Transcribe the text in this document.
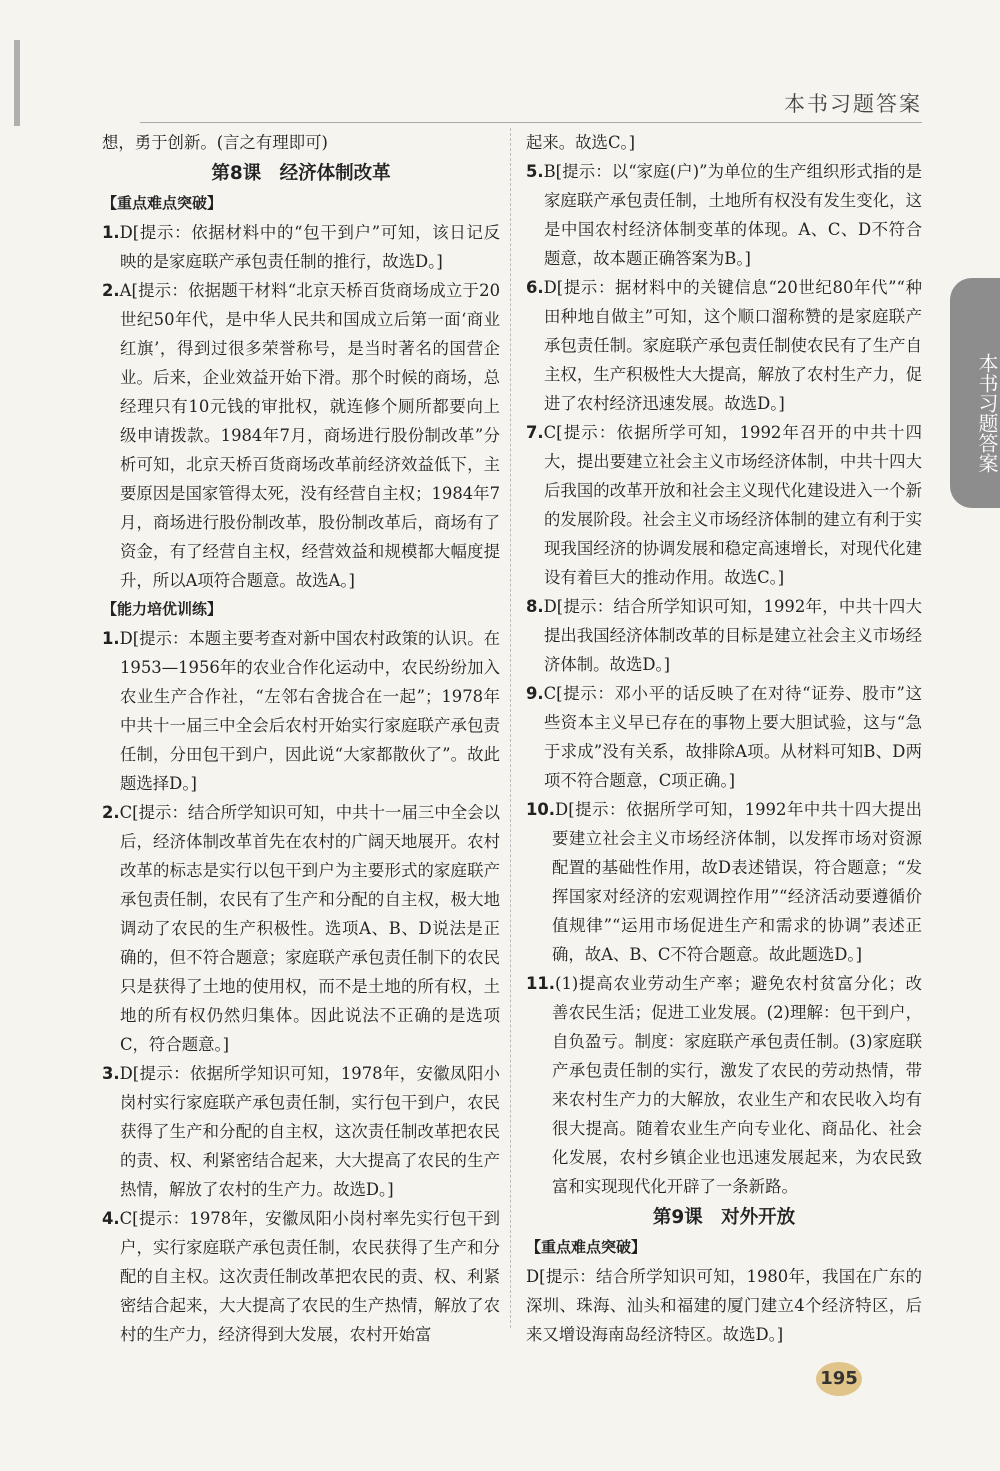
本书习题答案
本书习题答案

想，勇于创新。(言之有理即可)

第8课　经济体制改革

【重点难点突破】

1.D[提示：依据材料中的“包干到户”可知，该日记反映的是家庭联产承包责任制的推行，故选D。]

2.A[提示：依据题干材料“北京天桥百货商场成立于20世纪50年代，是中华人民共和国成立后第一面‘商业红旗’，得到过很多荣誉称号，是当时著名的国营企业。后来，企业效益开始下滑。那个时候的商场，总经理只有10元钱的审批权，就连修个厕所都要向上级申请拨款。1984年7月，商场进行股份制改革”分析可知，北京天桥百货商场改革前经济效益低下，主要原因是国家管得太死，没有经营自主权；1984年7月，商场进行股份制改革，股份制改革后，商场有了资金，有了经营自主权，经营效益和规模都大幅度提升，所以A项符合题意。故选A。]

【能力培优训练】

1.D[提示：本题主要考查对新中国农村政策的认识。在1953—1956年的农业合作化运动中，农民纷纷加入农业生产合作社，“左邻右舍拢合在一起”；1978年中共十一届三中全会后农村开始实行家庭联产承包责任制，分田包干到户，因此说“大家都散伙了”。故此题选择D。]

2.C[提示：结合所学知识可知，中共十一届三中全会以后，经济体制改革首先在农村的广阔天地展开。农村改革的标志是实行以包干到户为主要形式的家庭联产承包责任制，农民有了生产和分配的自主权，极大地调动了农民的生产积极性。选项A、B、D说法是正确的，但不符合题意；家庭联产承包责任制下的农民只是获得了土地的使用权，而不是土地的所有权，土地的所有权仍然归集体。因此说法不正确的是选项C，符合题意。]

3.D[提示：依据所学知识可知，1978年，安徽凤阳小岗村实行家庭联产承包责任制，实行包干到户，农民获得了生产和分配的自主权，这次责任制改革把农民的责、权、利紧密结合起来，大大提高了农民的生产热情，解放了农村的生产力。故选D。]

4.C[提示：1978年，安徽凤阳小岗村率先实行包干到户，实行家庭联产承包责任制，农民获得了生产和分配的自主权。这次责任制改革把农民的责、权、利紧密结合起来，大大提高了农民的生产热情，解放了农村的生产力，经济得到大发展，农村开始富

起来。故选C。]

5.B[提示：以“家庭(户)”为单位的生产组织形式指的是家庭联产承包责任制，土地所有权没有发生变化，这是中国农村经济体制变革的体现。A、C、D不符合题意，故本题正确答案为B。]

6.D[提示：据材料中的关键信息“20世纪80年代”“种田种地自做主”可知，这个顺口溜称赞的是家庭联产承包责任制。家庭联产承包责任制使农民有了生产自主权，生产积极性大大提高，解放了农村生产力，促进了农村经济迅速发展。故选D。]

7.C[提示：依据所学可知，1992年召开的中共十四大，提出要建立社会主义市场经济体制，中共十四大后我国的改革开放和社会主义现代化建设进入一个新的发展阶段。社会主义市场经济体制的建立有利于实现我国经济的协调发展和稳定高速增长，对现代化建设有着巨大的推动作用。故选C。]

8.D[提示：结合所学知识可知，1992年，中共十四大提出我国经济体制改革的目标是建立社会主义市场经济体制。故选D。]

9.C[提示：邓小平的话反映了在对待“证券、股市”这些资本主义早已存在的事物上要大胆试验，这与“急于求成”没有关系，故排除A项。从材料可知B、D两项不符合题意，C项正确。]

10.D[提示：依据所学可知，1992年中共十四大提出要建立社会主义市场经济体制，以发挥市场对资源配置的基础性作用，故D表述错误，符合题意；“发挥国家对经济的宏观调控作用”“经济活动要遵循价值规律”“运用市场促进生产和需求的协调”表述正确，故A、B、C不符合题意。故此题选D。]

11.(1)提高农业劳动生产率；避免农村贫富分化；改善农民生活；促进工业发展。(2)理解：包干到户，自负盈亏。制度：家庭联产承包责任制。(3)家庭联产承包责任制的实行，激发了农民的劳动热情，带来农村生产力的大解放，农业生产和农民收入均有很大提高。随着农业生产向专业化、商品化、社会化发展，农村乡镇企业也迅速发展起来，为农民致富和实现现代化开辟了一条新路。

第9课　对外开放

【重点难点突破】

D[提示：结合所学知识可知，1980年，我国在广东的深圳、珠海、汕头和福建的厦门建立4个经济特区，后来又增设海南岛经济特区。故选D。]

195
